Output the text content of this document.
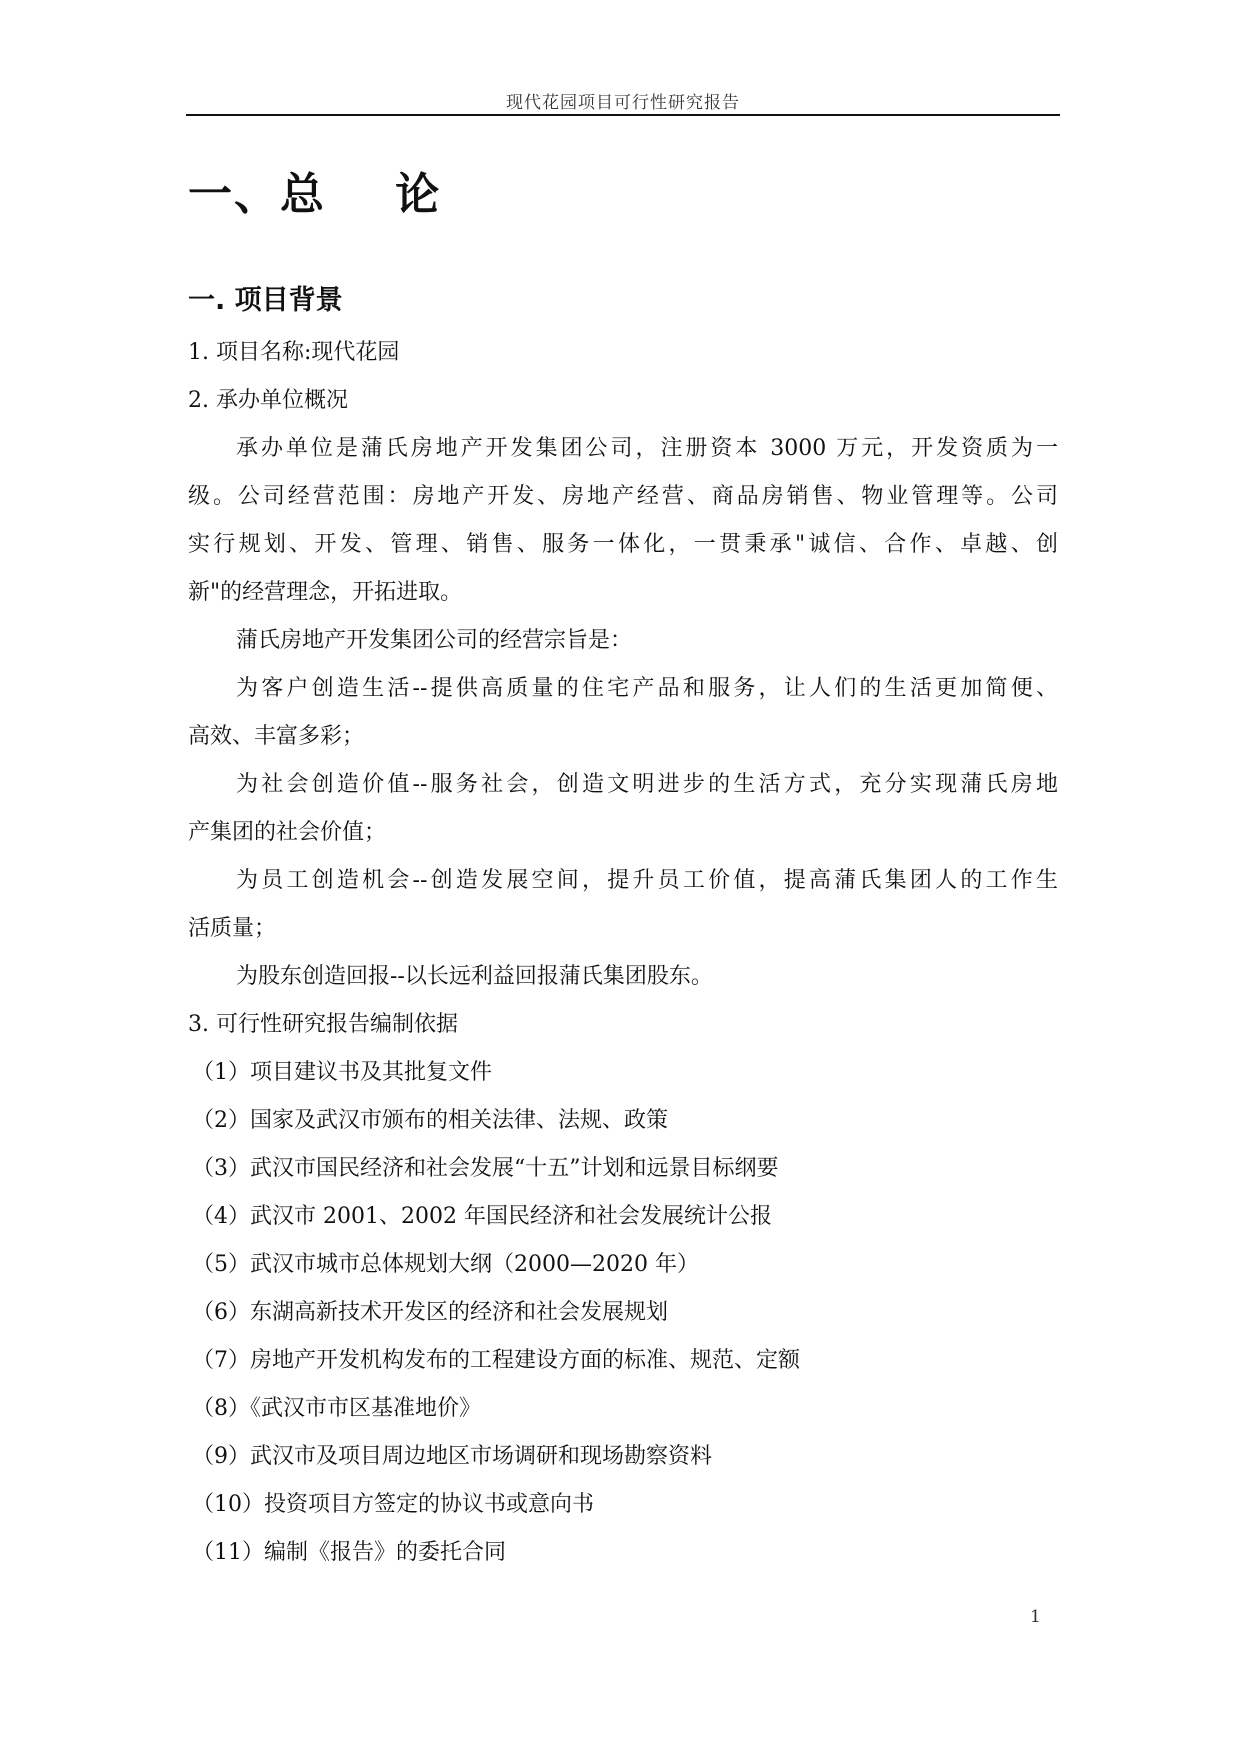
现代花园项目可行性研究报告
一、总    论
一. 项目背景
1. 项目名称:现代花园
2. 承办单位概况
承办单位是蒲氏房地产开发集团公司，注册资本 3000 万元，开发资质为一
级。公司经营范围：房地产开发、房地产经营、商品房销售、物业管理等。公司
实行规划、开发、管理、销售、服务一体化，一贯秉承"诚信、合作、卓越、创
新"的经营理念，开拓进取。
蒲氏房地产开发集团公司的经营宗旨是：
为客户创造生活--提供高质量的住宅产品和服务，让人们的生活更加简便、
高效、丰富多彩；
为社会创造价值--服务社会，创造文明进步的生活方式，充分实现蒲氏房地
产集团的社会价值；
为员工创造机会--创造发展空间，提升员工价值，提高蒲氏集团人的工作生
活质量；
为股东创造回报--以长远利益回报蒲氏集团股东。
3. 可行性研究报告编制依据
（1）项目建议书及其批复文件
（2）国家及武汉市颁布的相关法律、法规、政策
（3）武汉市国民经济和社会发展“十五”计划和远景目标纲要
（4）武汉市 2001、2002 年国民经济和社会发展统计公报
（5）武汉市城市总体规划大纲（2000—2020 年）
（6）东湖高新技术开发区的经济和社会发展规划
（7）房地产开发机构发布的工程建设方面的标准、规范、定额
（8）《武汉市市区基准地价》
（9）武汉市及项目周边地区市场调研和现场勘察资料
（10）投资项目方签定的协议书或意向书
（11）编制《报告》的委托合同
1
